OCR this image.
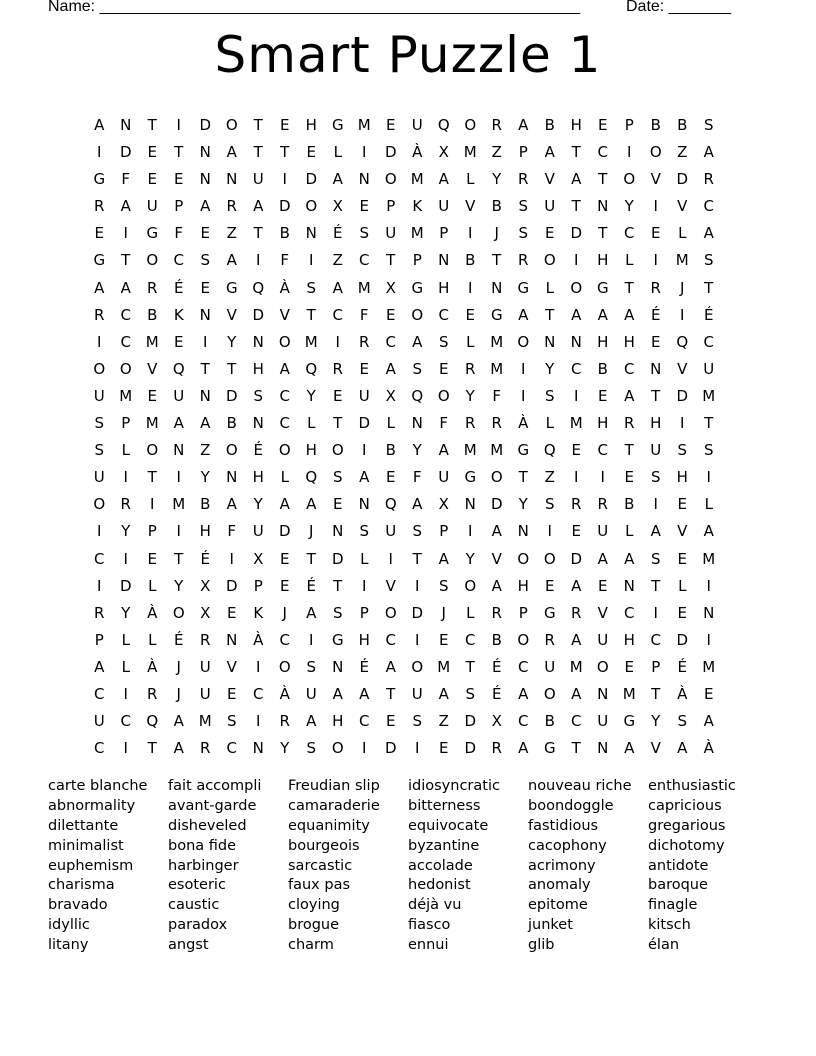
Name: ______________________________________________________	Date: _______
Smart Puzzle 1
A	N	T	I	D O	T	E	H	G M	E	U	Q O	R	A	B	H	E	P	B	B	S
I	D	E	T	N	A	T	T	E	L	I	D	À	X M Z	P	A	T	C	I	O	Z	A
G	F	E	E	N	N	U	I	D	A	N O M A	L	Y	R	V	A	T	O	V	D	R
R	A	U	P	A	R	A	D O	X	E	P	K	U	V	B	S	U	T	N	Y	I	V	C
E	I	G	F	E	Z	T	B	N	É	S	U M	P	I	J	S	E	D	T	C	E	L	A
G	T	O	C	S	A	I	F	I	Z	C	T	P	N	B	T	R	O	I	H	L	I	M	S
A	A	R	É	E	G Q	À	S	A M X	G	H	I	N	G	L	O G	T	R	J	T
R	C	B	K	N	V	D	V	T	C	F	E	O	C	E	G	A	T	A	A	A	É	I	É
I	C M	E	I	Y	N O M	I	R	C	A	S	L	M O N	N	H	H	E	Q	C
O O	V	Q	T	T	H	A	Q	R	E	A	S	E	R M	I	Y	C	B	C	N	V	U
U M	E	U	N	D	S	C	Y	E	U	X	Q O	Y	F	I	S	I	E	A	T	D M
S	P	M A	A	B	N	C	L	T	D	L	N	F	R	R	À	L	M H	R	H	I	T
S	L	O N	Z	O	É	O H O	I	B	Y	A M M G Q	E	C	T	U	S	S
U	I	T	I	Y	N	H	L	Q	S	A	E	F	U	G O	T	Z	I	I	E	S	H	I
O	R	I	M B	A	Y	A	A	E	N Q	A	X	N	D	Y	S	R	R	B	I	E	L
I	Y	P	I	H	F	U	D	J	N	S	U	S	P	I	A	N	I	E	U	L	A	V	A
C	I	E	T	É	I	X	E	T	D	L	I	T	A	Y	V	O O D	A	A	S	E	M
I	D	L	Y	X	D	P	E	É	T	I	V	I	S	O	A	H	E	A	E	N	T	L	I
R	Y	À	O	X	E	K	J	A	S	P	O D	J	L	R	P	G	R	V	C	I	E	N
P	L	L	É	R	N	À	C	I	G	H	C	I	E	C	B	O	R	A	U	H	C	D	I
A	L	À	J	U	V	I	O	S	N	É	A	O M	T	É	C	U M O	E	P	É	M
C	I	R	J	U	E	C	À	U	A	A	T	U	A	S	É	A	O	A	N M	T	À	E
U	C	Q	A M	S	I	R	A	H	C	E	S	Z	D	X	C	B	C	U	G	Y	S	A
C	I	T	A	R	C	N	Y	S	O	I	D	I	E	D	R	A	G	T	N	A	V	A	À
carte blanche
abnormality
dilettante
minimalist
euphemism
charisma
bravado
idyllic
litany
fait accompli
avant-garde
disheveled
bona fide
harbinger
esoteric
caustic
paradox
angst
Freudian slip
camaraderie
equanimity
bourgeois
sarcastic
faux pas
cloying
brogue
charm
idiosyncratic
bitterness
equivocate
byzantine
accolade
hedonist
déjà vu
fiasco
ennui
nouveau riche
boondoggle
fastidious
cacophony
acrimony
anomaly
epitome
junket
glib
enthusiastic
capricious
gregarious
dichotomy
antidote
baroque
finagle
kitsch
élan
